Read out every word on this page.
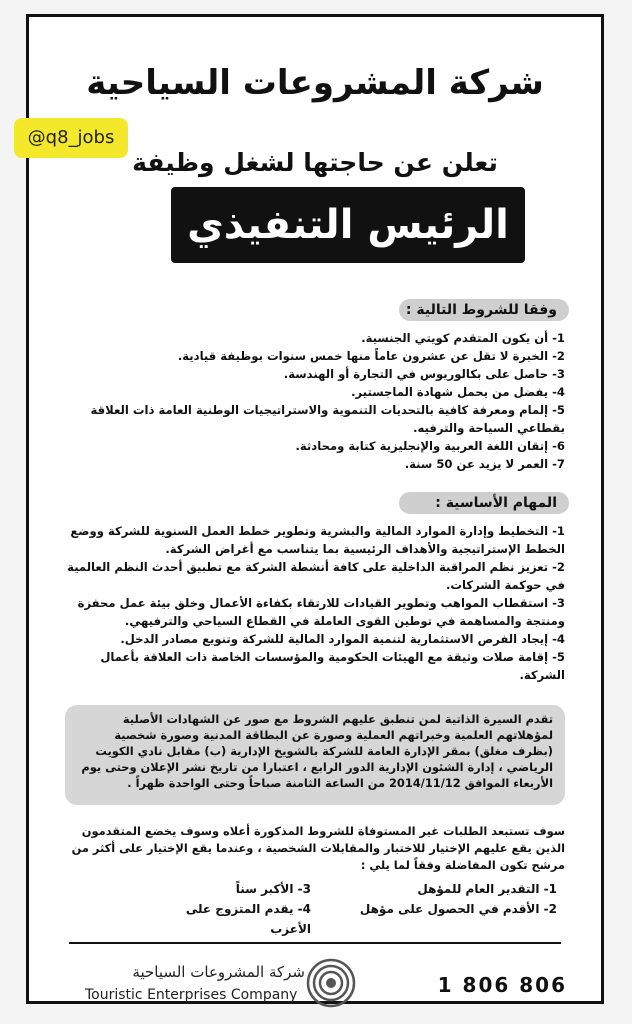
شركة المشروعات السياحية
تعلن عن حاجتها لشغل وظيفة
الرئيس التنفيذي
وفقا للشروط التالية :
1- أن يكون المتقدم كويتي الجنسية.
2- الخبرة لا تقل عن عشرون عاماً منها خمس سنوات بوظيفة قيادية.
3- حاصل على بكالوريوس في التجارة أو الهندسة.
4- يفضل من يحمل شهادة الماجستير.
5- إلمام ومعرفة كافية بالتحديات التنموية والاستراتيجيات الوطنية العامة ذات العلاقة بقطاعي السياحة والترفيه.
6- إتقان اللغة العربية والإنجليزية كتابة ومحادثة.
7- العمر لا يزيد عن 50 سنة.
المهام الأساسية :
1- التخطيط وإدارة الموارد المالية والبشرية وتطوير خطط العمل السنوية للشركة ووضع الخطط الإستراتيجية والأهداف الرئيسية بما يتناسب مع أغراض الشركة.
2- تعزيز نظم المراقبة الداخلية على كافة أنشطة الشركة مع تطبيق أحدث النظم العالمية في حوكمة الشركات.
3- استقطاب المواهب وتطوير القيادات للارتقاء بكفاءة الأعمال وخلق بيئة عمل محفزة ومنتجة والمساهمة في توطين القوى العاملة في القطاع السياحي والترفيهي.
4- إيجاد الفرص الاستثمارية لتنمية الموارد المالية للشركة وتنويع مصادر الدخل.
5- إقامة صلات وثيقة مع الهيئات الحكومية والمؤسسات الخاصة ذات العلاقة بأعمال الشركة.
تقدم السيرة الذاتية لمن تنطبق عليهم الشروط مع صور عن الشهادات الأصلية لمؤهلاتهم العلمية وخبراتهم العملية وصورة عن البطاقة المدنية وصورة شخصية (بظرف مغلق) بمقر الإدارة العامة للشركة بالشويخ الإدارية (ب) مقابل نادي الكويت الرياضي ، إدارة الشئون الإدارية الدور الرابع ، اعتبارا من تاريخ نشر الإعلان وحتى يوم الأربعاء الموافق 2014/11/12 من الساعة الثامنة صباحاً وحتى الواحدة ظهراً .
سوف تستبعد الطلبات غير المستوفاة للشروط المذكورة أعلاه وسوف يخضع المتقدمون الذين يقع عليهم الإختيار للاختبار والمقابلات الشخصية ، وعندما يقع الإختيار على أكثر من مرشح تكون المفاضلة وفقاً لما يلي :
1- التقدير العام للمؤهل
2- الأقدم في الحصول على مؤهل
3- الأكبر سناً
4- يقدم المتزوج على الأعزب
شركة المشروعات السياحية
Touristic Enterprises Company	1 806 806
@q8_jobs
